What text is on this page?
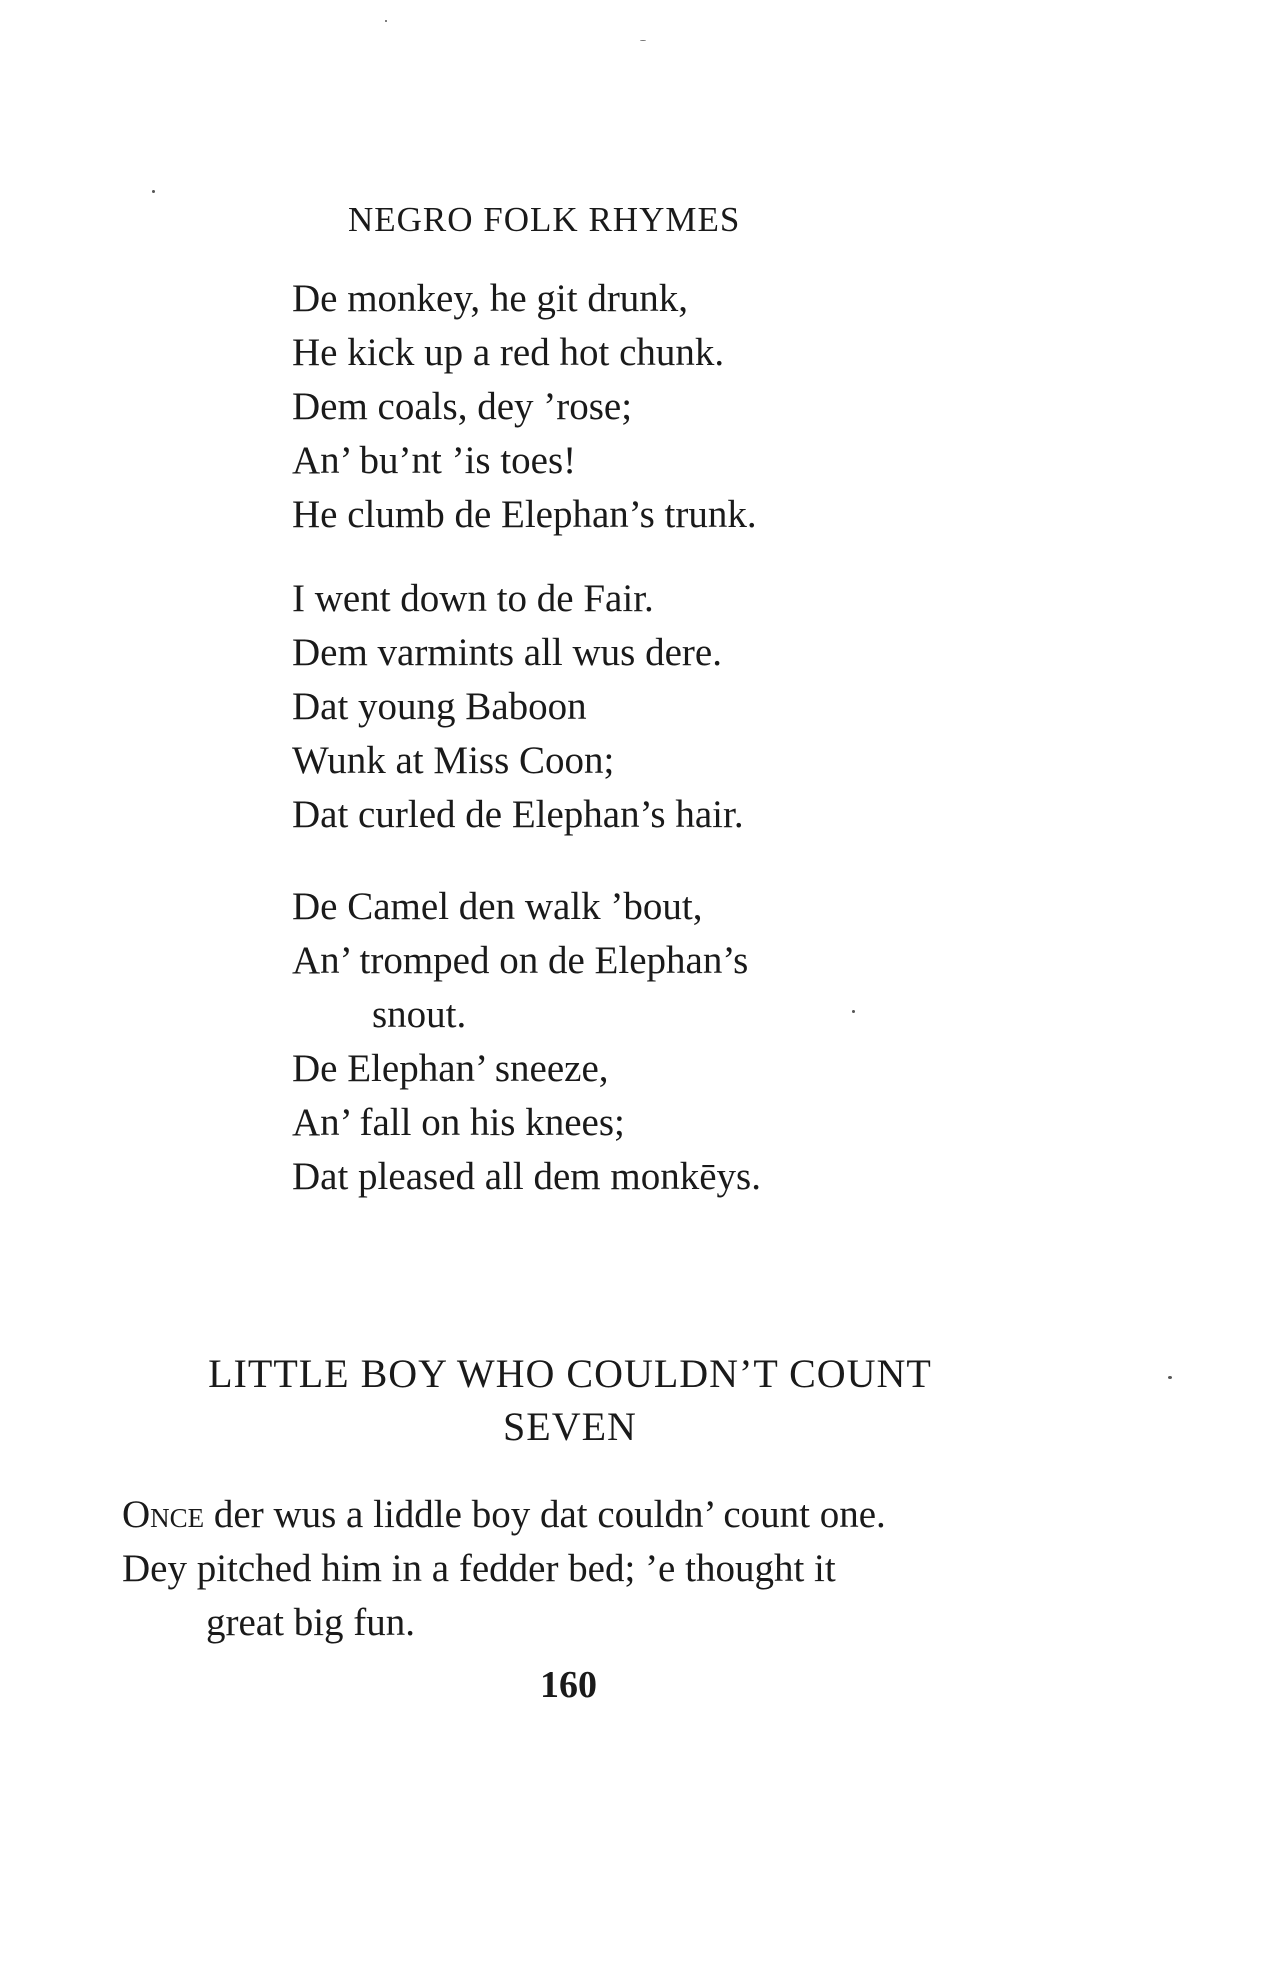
NEGRO FOLK RHYMES
De monkey, he git drunk,
He kick up a red hot chunk.
Dem coals, dey ’rose;
An’ bu’nt ’is toes!
He clumb de Elephan’s trunk.
I went down to de Fair.
Dem varmints all wus dere.
Dat young Baboon
Wunk at Miss Coon;
Dat curled de Elephan’s hair.
De Camel den walk ’bout,
An’ tromped on de Elephan’s
snout.
De Elephan’ sneeze,
An’ fall on his knees;
Dat pleased all dem monkēys.
LITTLE BOY WHO COULDN’T COUNT
SEVEN
Once der wus a liddle boy dat couldn’ count one.
Dey pitched him in a fedder bed; ’e thought it
great big fun.
160
